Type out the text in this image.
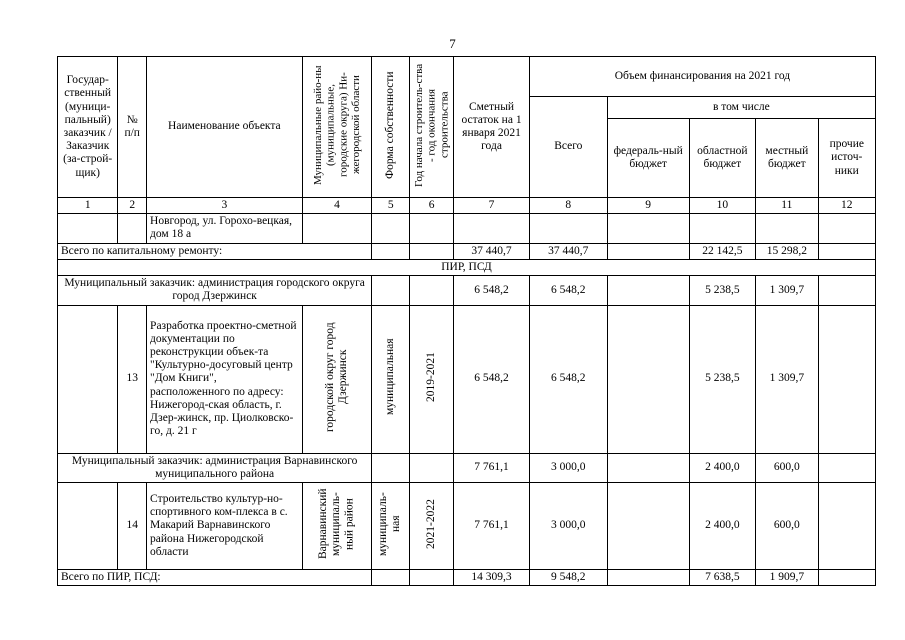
7
Государ-ственный (муници-пальный) заказчик / Заказчик (за-строй-щик)	№ п/п	Наименование объекта	Муниципальные райо-ны (муниципальные, городские округа) Ни-жегородской области	Форма собственности	Год начала строитель-ства - год окончания строительства	Сметный остаток на 1 января 2021 года	Объем финансирования на 2021 год				
							Всего	в том числе			
								федераль-ный бюджет	областной бюджет	местный бюджет	прочие источ-ники
1	2	3	4	5	6	7	8	9	10	11	12
		Новгород, ул. Горохо-вецкая, дом 18 а									
Всего по капитальному ремонту:						37 440,7	37 440,7		22 142,5	15 298,2	
ПИР, ПСД											
Муниципальный заказчик: администрация городского округа город Дзержинск						6 548,2	6 548,2		5 238,5	1 309,7	
	13	Разработка проектно-сметной документации по реконструкции объек-та "Культурно-досуговый центр "Дом Книги", расположенного по адресу: Нижегород-ская область, г. Дзер-жинск, пр. Циолковско-го, д. 21 г	городской округ город Дзержинск	муниципальная	2019-2021	6 548,2	6 548,2		5 238,5	1 309,7	
Муниципальный заказчик: администрация Варнавинского муниципального района						7 761,1	3 000,0		2 400,0	600,0	
	14	Строительство культур-но-спортивного ком-плекса в с. Макарий Варнавинского района Нижегородской области	Варнавинский муниципаль-ный район	муниципаль-ная	2021-2022	7 761,1	3 000,0		2 400,0	600,0	
Всего по ПИР, ПСД:						14 309,3	9 548,2		7 638,5	1 909,7	
